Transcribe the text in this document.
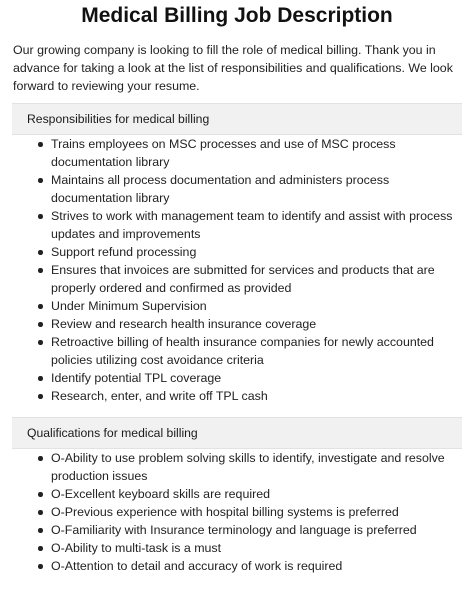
Medical Billing Job Description

Our growing company is looking to fill the role of medical billing. Thank you in advance for taking a look at the list of responsibilities and qualifications. We look forward to reviewing your resume.

Responsibilities for medical billing
Trains employees on MSC processes and use of MSC process documentation library
Maintains all process documentation and administers process documentation library
Strives to work with management team to identify and assist with process updates and improvements
Support refund processing
Ensures that invoices are submitted for services and products that are properly ordered and confirmed as provided
Under Minimum Supervision
Review and research health insurance coverage
Retroactive billing of health insurance companies for newly accounted policies utilizing cost avoidance criteria
Identify potential TPL coverage
Research, enter, and write off TPL cash
Qualifications for medical billing
O-Ability to use problem solving skills to identify, investigate and resolve production issues
O-Excellent keyboard skills are required
O-Previous experience with hospital billing systems is preferred
O-Familiarity with Insurance terminology and language is preferred
O-Ability to multi-task is a must
O-Attention to detail and accuracy of work is required
